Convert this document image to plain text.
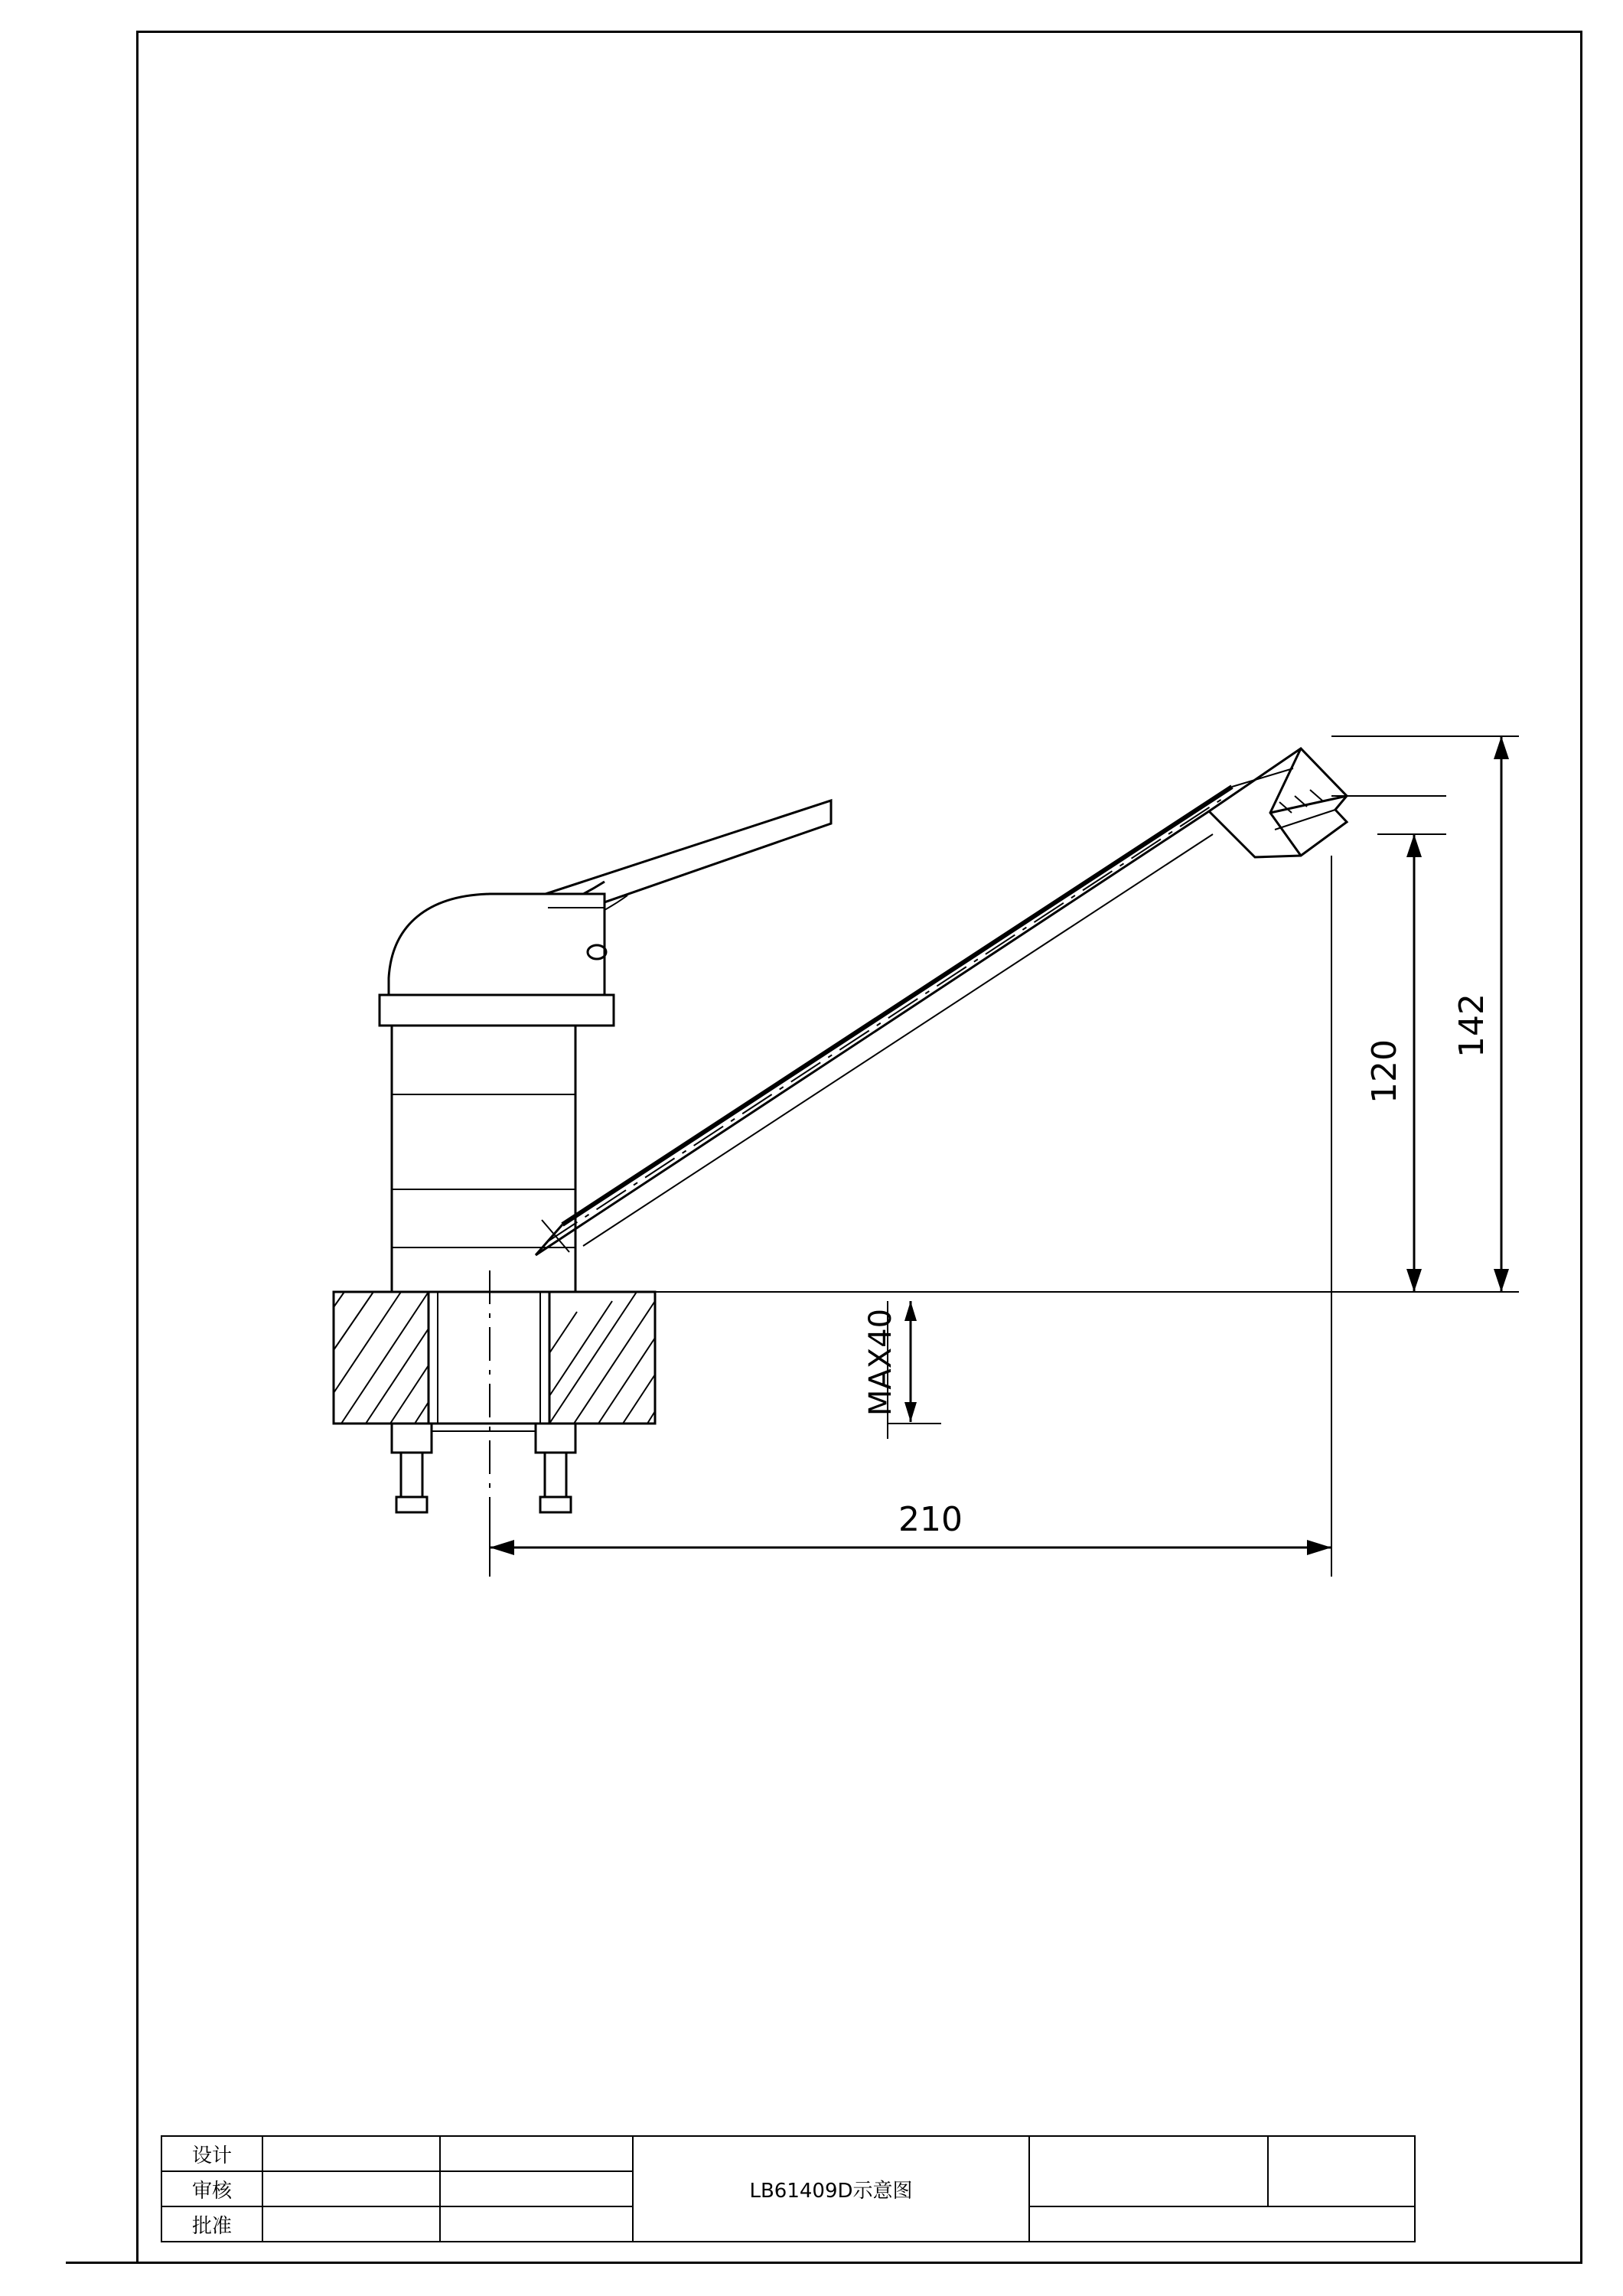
142
120
MAX40
210
设计			LB61409D示意图		
审核					
批准					
